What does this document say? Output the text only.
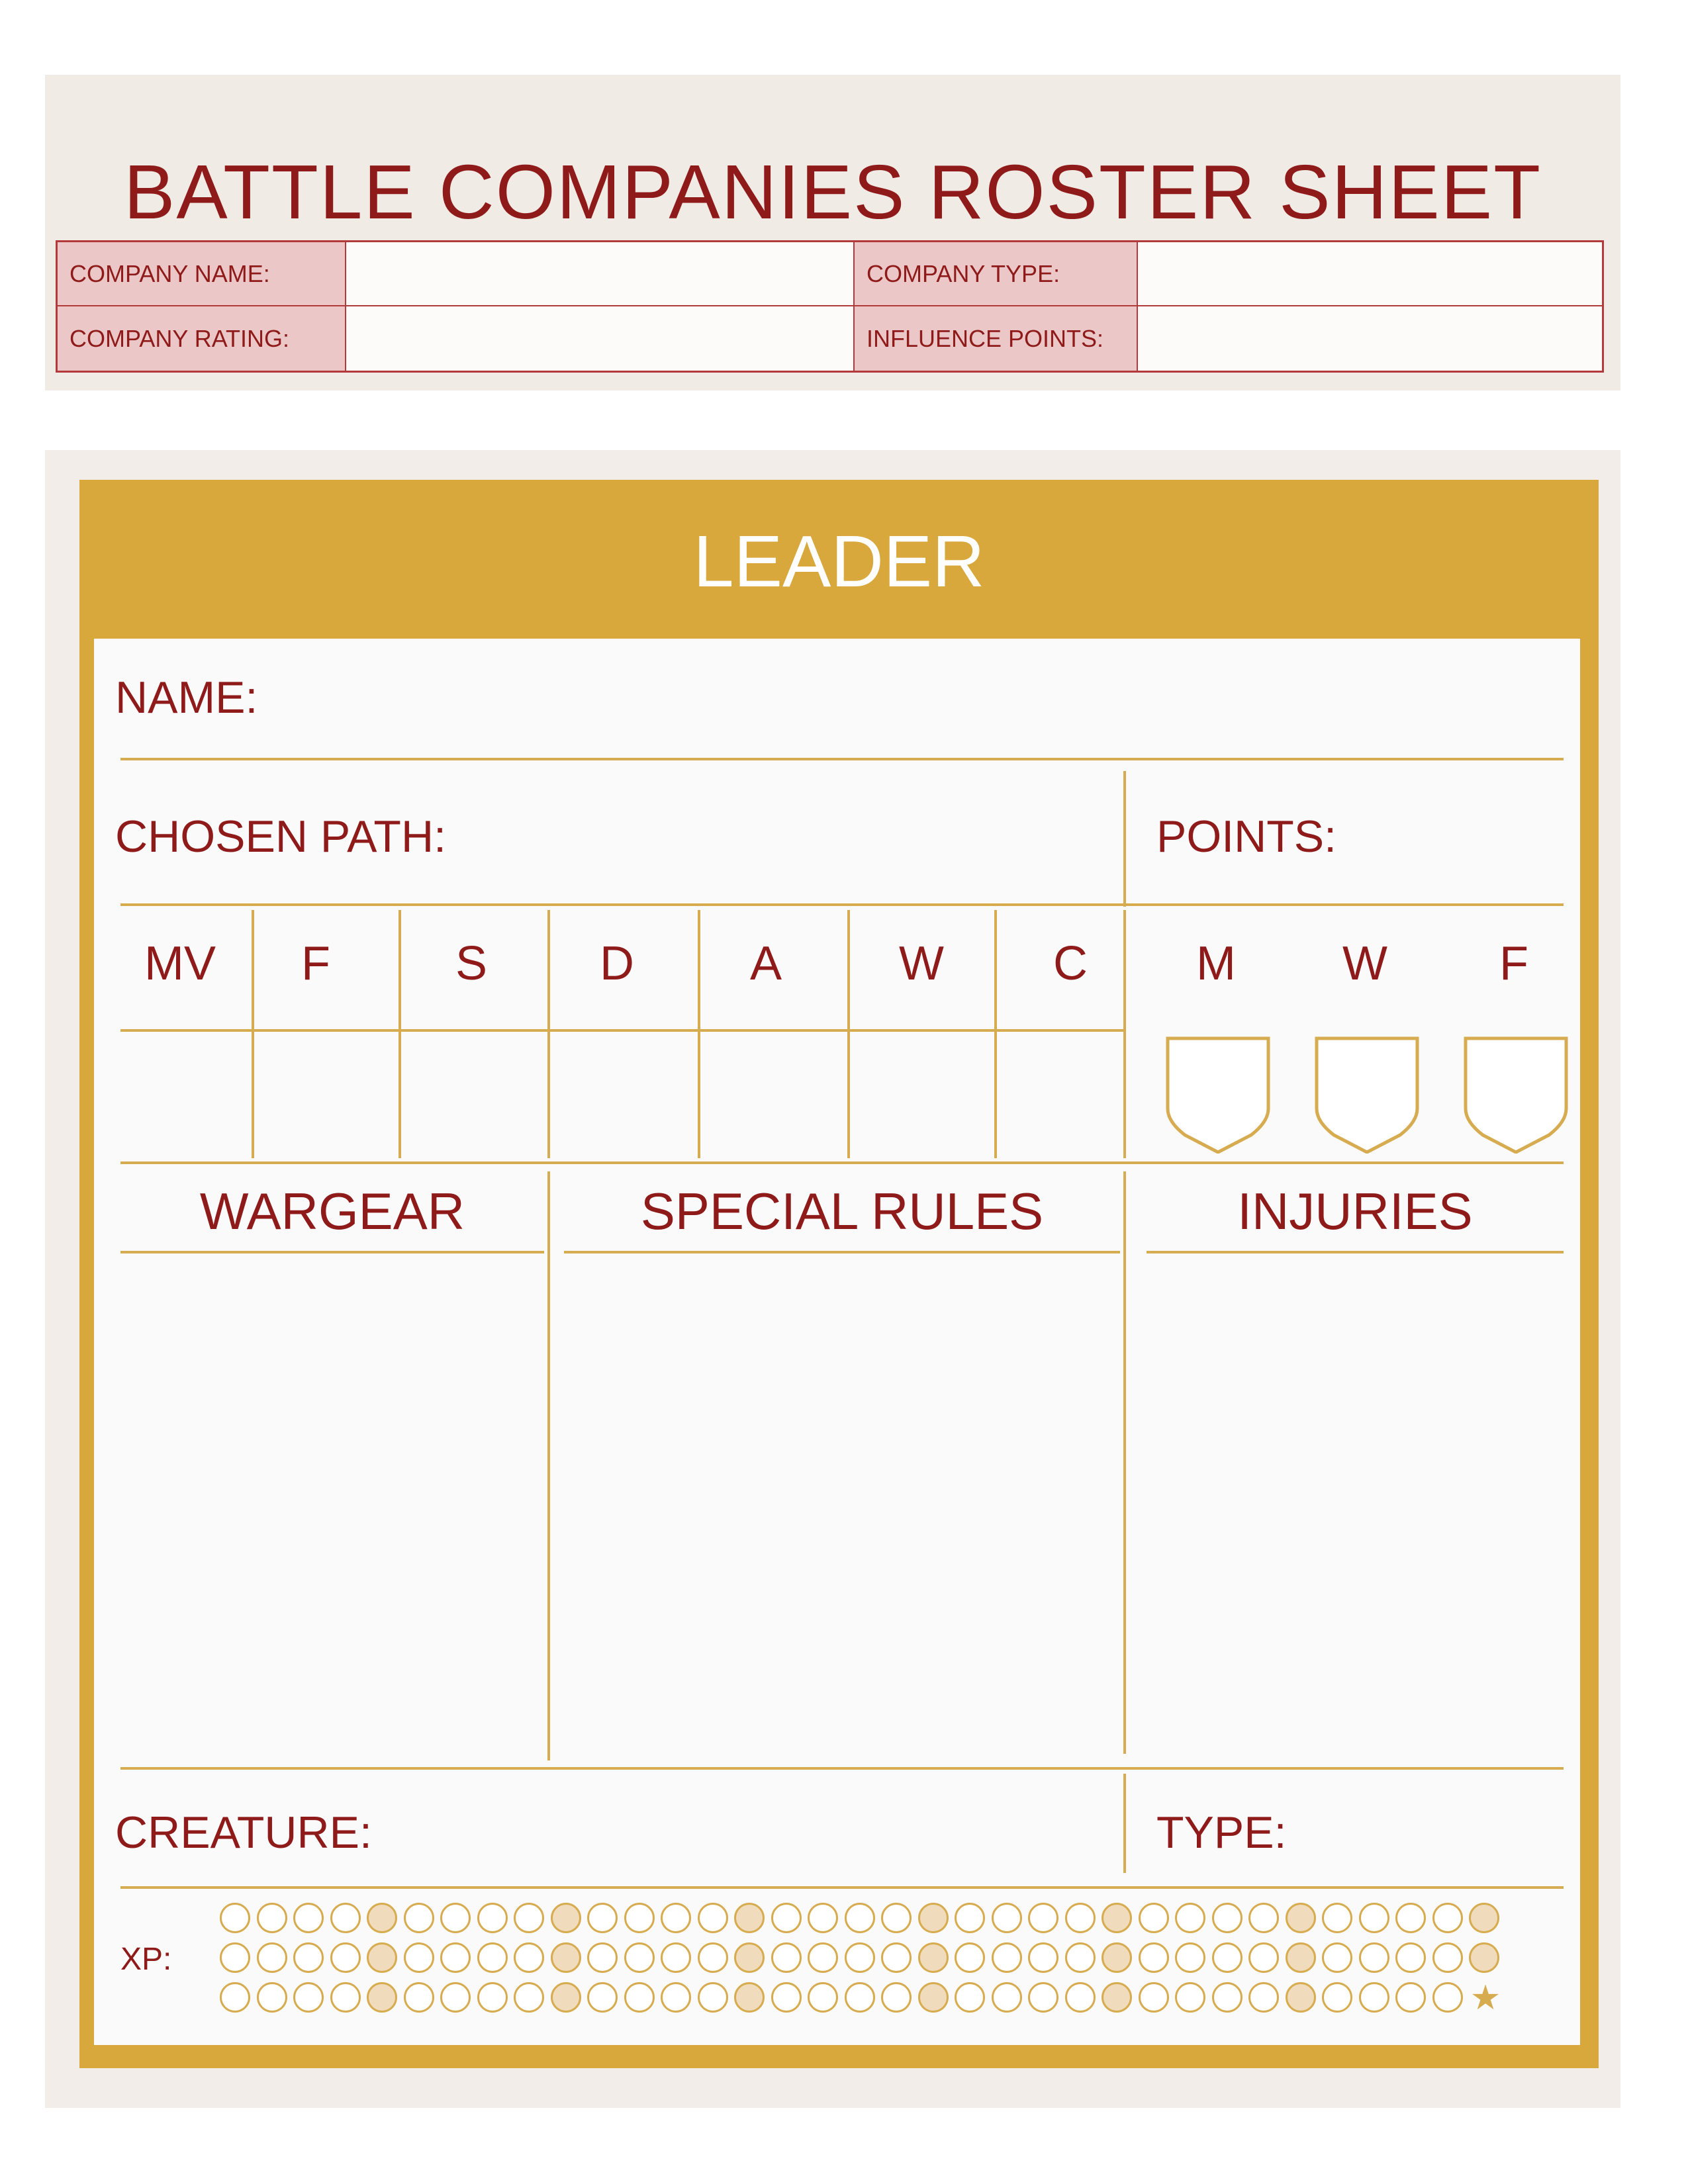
BATTLE COMPANIES ROSTER SHEET
COMPANY NAME:	COMPANY TYPE:
COMPANY RATING:	INFLUENCE POINTS:
LEADER
NAME:
CHOSEN PATH:	POINTS:
MV	F	S	D	A	W	C	M	W	F
WARGEAR	SPECIAL RULES	INJURIES
CREATURE:	TYPE:
XP:
★
